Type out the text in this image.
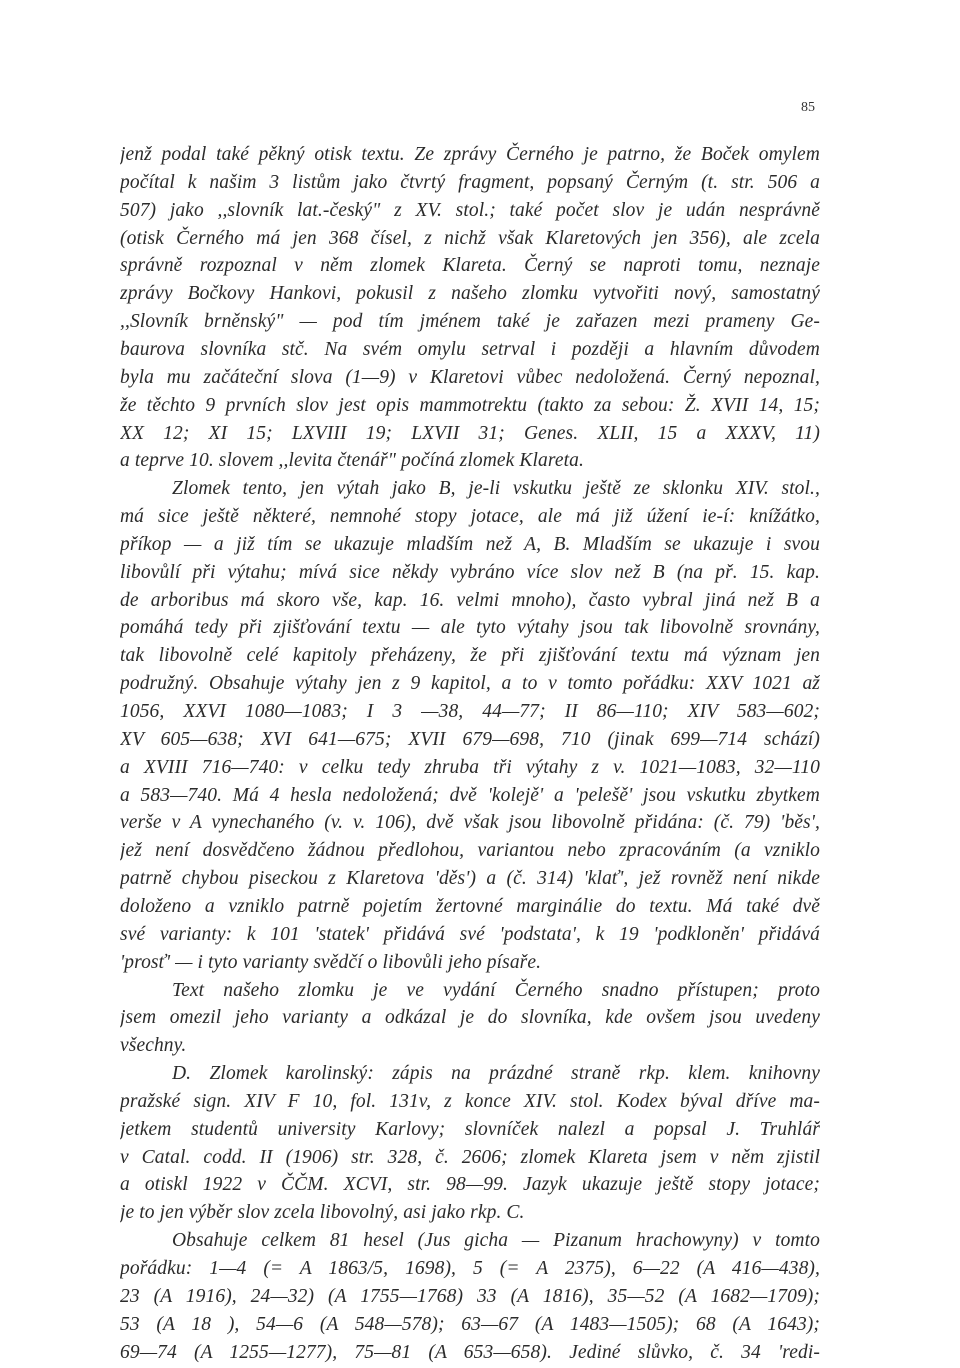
85
jenž podal také pěkný otisk textu. Ze zprávy Černého je patrno, že Boček omylem
počítal k našim 3 listům jako čtvrtý fragment, popsaný Černým (t. str. 506 a
507) jako ,,slovník lat.-český" z XV. stol.; také počet slov je udán nesprávně
(otisk Černého má jen 368 čísel, z nichž však Klaretových jen 356), ale zcela
správně rozpoznal v něm zlomek Klareta. Černý se naproti tomu, neznaje
zprávy Bočkovy Hankovi, pokusil z našeho zlomku vytvořiti nový, samostatný
,,Slovník brněnský" — pod tím jménem také je zařazen mezi prameny Ge-
baurova slovníka stč. Na svém omylu setrval i později a hlavním důvodem
byla mu začáteční slova (1—9) v Klaretovi vůbec nedoložená. Černý nepoznal,
že těchto 9 prvních slov jest opis mammotrektu (takto za sebou: Ž. XVII 14, 15;
XX 12; XI 15; LXVIII 19; LXVII 31; Genes. XLII, 15 a XXXV, 11)
a teprve 10. slovem ,,levita čtenář" počíná zlomek Klareta.
Zlomek tento, jen výtah jako B, je-li vskutku ještě ze sklonku XIV. stol.,
má sice ještě některé, nemnohé stopy jotace, ale má již úžení ie-í: knížátko,
příkop — a již tím se ukazuje mladším než A, B. Mladším se ukazuje i svou
libovůlí při výtahu; mívá sice někdy vybráno více slov než B (na př. 15. kap.
de arboribus má skoro vše, kap. 16. velmi mnoho), často vybral jiná než B a
pomáhá tedy při zjišťování textu — ale tyto výtahy jsou tak libovolně srovnány,
tak libovolně celé kapitoly přeházeny, že při zjišťování textu má význam jen
podružný. Obsahuje výtahy jen z 9 kapitol, a to v tomto pořádku: XXV 1021 až
1056, XXVI 1080—1083; I 3 —38, 44—77; II 86—110; XIV 583—602;
XV 605—638; XVI 641—675; XVII 679—698, 710 (jinak 699—714 schází)
a XVIII 716—740: v celku tedy zhruba tři výtahy z v. 1021—1083, 32—110
a 583—740. Má 4 hesla nedoložená; dvě 'kolejě' a 'pelešě' jsou vskutku zbytkem
verše v A vynechaného (v. v. 106), dvě však jsou libovolně přidána: (č. 79) 'běs',
jež není dosvědčeno žádnou předlohou, variantou nebo zpracováním (a vzniklo
patrně chybou piseckou z Klaretova 'děs') a (č. 314) 'klať', jež rovněž není nikde
doloženo a vzniklo patrně pojetím žertovné marginálie do textu. Má také dvě
své varianty: k 101 'statek' přidává své 'podstata', k 19 'podkloněn' přidává
'prosť' — i tyto varianty svědčí o libovůli jeho písaře.
Text našeho zlomku je ve vydání Černého snadno přístupen; proto
jsem omezil jeho varianty a odkázal je do slovníka, kde ovšem jsou uvedeny
všechny.
D. Zlomek karolinský: zápis na prázdné straně rkp. klem. knihovny
pražské sign. XIV F 10, fol. 131v, z konce XIV. stol. Kodex býval dříve ma-
jetkem studentů university Karlovy; slovníček nalezl a popsal J. Truhlář
v Catal. codd. II (1906) str. 328, č. 2606; zlomek Klareta jsem v něm zjistil
a otiskl 1922 v ČČM. XCVI, str. 98—99. Jazyk ukazuje ještě stopy jotace;
je to jen výběr slov zcela libovolný, asi jako rkp. C.
Obsahuje celkem 81 hesel (Jus gicha — Pizanum hrachowyny) v tomto
pořádku: 1—4 (= A 1863/5, 1698), 5 (= A 2375), 6—22 (A 416—438),
23 (A 1916), 24—32) (A 1755—1768) 33 (A 1816), 35—52 (A 1682—1709);
53 (A 18 ), 54—6 (A 548—578); 63—67 (A 1483—1505); 68 (A 1643);
69—74 (A 1255—1277), 75—81 (A 653—658). Jediné slůvko, č. 34 'redi-
